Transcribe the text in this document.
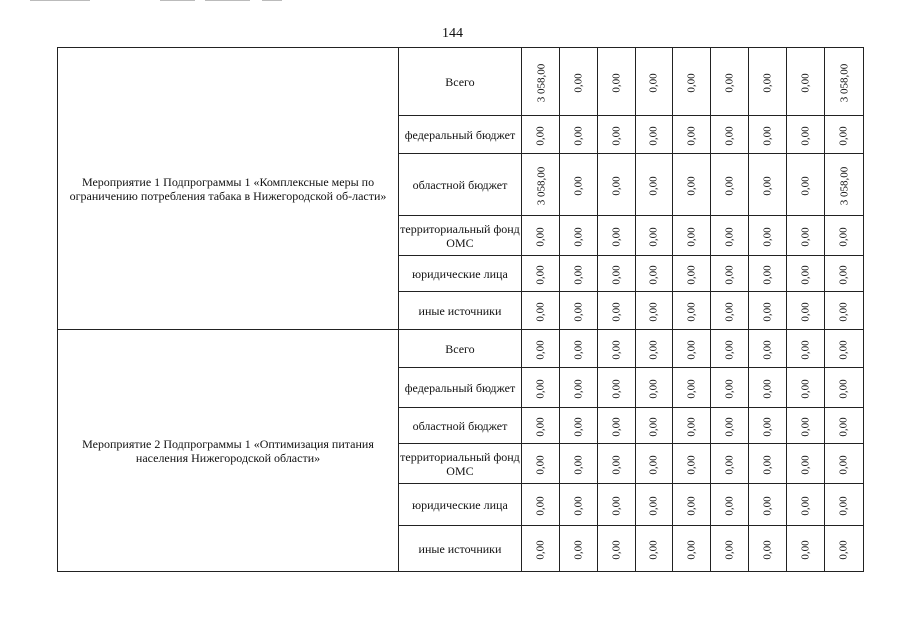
144
Мероприятие 1 Подпрограммы 1 «Комплексные меры по ограничению потребления табака в Нижегородской об-ласти»	Всего	3 058,00	0,00	0,00	0,00	0,00	0,00	0,00	0,00	3 058,00
	федеральный бюджет	0,00	0,00	0,00	0,00	0,00	0,00	0,00	0,00	0,00
	областной бюджет	3 058,00	0,00	0,00	0,00	0,00	0,00	0,00	0,00	3 058,00
	территориальный фонд ОМС	0,00	0,00	0,00	0,00	0,00	0,00	0,00	0,00	0,00
	юридические лица	0,00	0,00	0,00	0,00	0,00	0,00	0,00	0,00	0,00
	иные источники	0,00	0,00	0,00	0,00	0,00	0,00	0,00	0,00	0,00
Мероприятие 2 Подпрограммы 1 «Оптимизация питания населения Нижегородской области»	Всего	0,00	0,00	0,00	0,00	0,00	0,00	0,00	0,00	0,00
	федеральный бюджет	0,00	0,00	0,00	0,00	0,00	0,00	0,00	0,00	0,00
	областной бюджет	0,00	0,00	0,00	0,00	0,00	0,00	0,00	0,00	0,00
	территориальный фонд ОМС	0,00	0,00	0,00	0,00	0,00	0,00	0,00	0,00	0,00
	юридические лица	0,00	0,00	0,00	0,00	0,00	0,00	0,00	0,00	0,00
	иные источники	0,00	0,00	0,00	0,00	0,00	0,00	0,00	0,00	0,00
